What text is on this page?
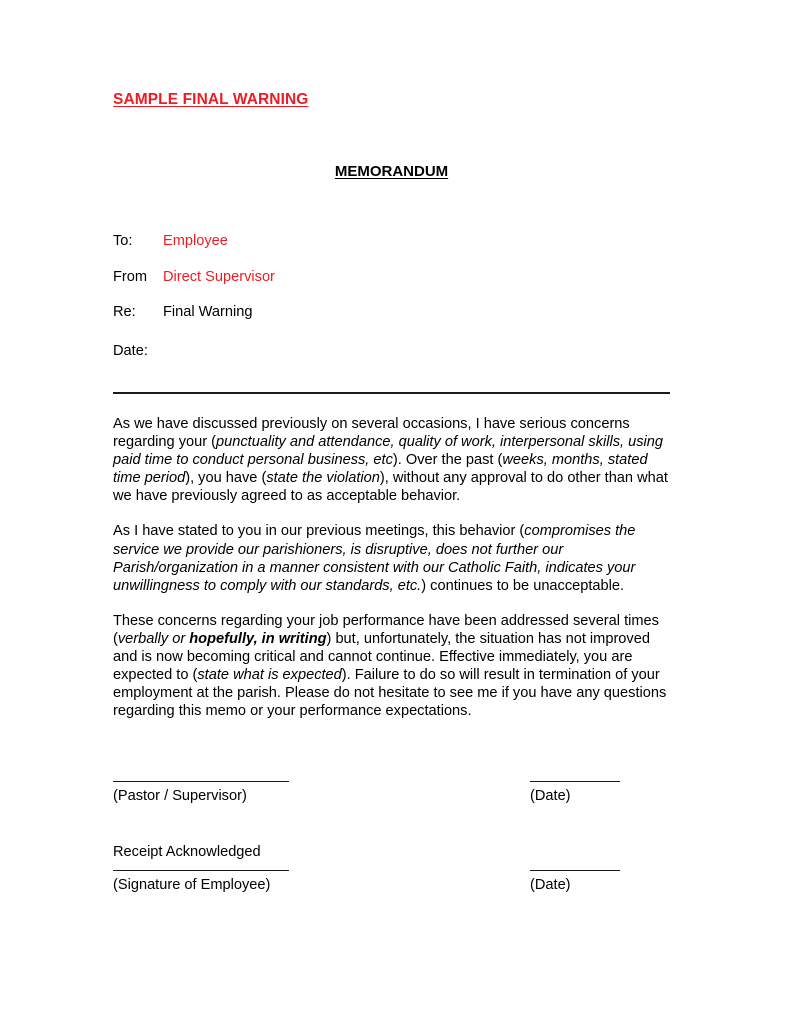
SAMPLE FINAL WARNING
MEMORANDUM
To:	Employee
From	Direct Supervisor
Re:	Final Warning
Date:

As we have discussed previously on several occasions, I have serious concerns regarding your (punctuality and attendance, quality of work, interpersonal skills, using paid time to conduct personal business, etc). Over the past (weeks, months, stated time period), you have (state the violation), without any approval to do other than what we have previously agreed to as acceptable behavior.

As I have stated to you in our previous meetings, this behavior (compromises the service we provide our parishioners, is disruptive, does not further our Parish/organization in a manner consistent with our Catholic Faith, indicates your unwillingness to comply with our standards, etc.) continues to be unacceptable.

These concerns regarding your job performance have been addressed several times (verbally or hopefully, in writing) but, unfortunately, the situation has not improved and is now becoming critical and cannot continue. Effective immediately, you are expected to (state what is expected). Failure to do so will result in termination of your employment at the parish. Please do not hesitate to see me if you have any questions regarding this memo or your performance expectations.

(Pastor / Supervisor)	(Date)
Receipt Acknowledged
(Signature of Employee)	(Date)
